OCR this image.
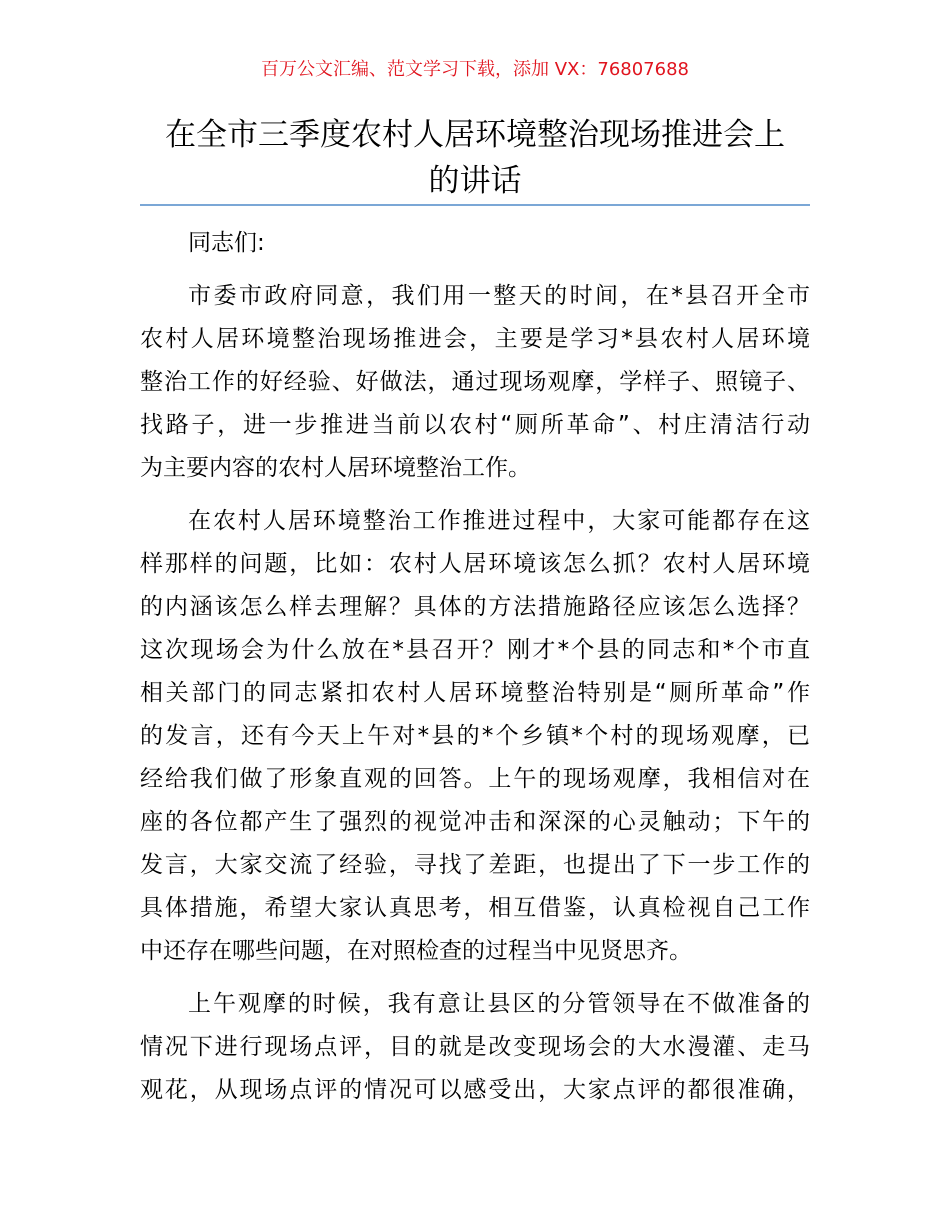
百万公文汇编、范文学习下载，添加 VX：76807688
在全市三季度农村人居环境整治现场推进会上
的讲话
同志们:
市委市政府同意，我们用一整天的时间，在*县召开全市
农村人居环境整治现场推进会，主要是学习*县农村人居环境
整治工作的好经验、好做法，通过现场观摩，学样子、照镜子、
找路子，进一步推进当前以农村“厕所革命”、村庄清洁行动
为主要内容的农村人居环境整治工作。
在农村人居环境整治工作推进过程中，大家可能都存在这
样那样的问题，比如：农村人居环境该怎么抓？农村人居环境
的内涵该怎么样去理解？具体的方法措施路径应该怎么选择？
这次现场会为什么放在*县召开？刚才*个县的同志和*个市直
相关部门的同志紧扣农村人居环境整治特别是“厕所革命”作
的发言，还有今天上午对*县的*个乡镇*个村的现场观摩，已
经给我们做了形象直观的回答。上午的现场观摩，我相信对在
座的各位都产生了强烈的视觉冲击和深深的心灵触动；下午的
发言，大家交流了经验，寻找了差距，也提出了下一步工作的
具体措施，希望大家认真思考，相互借鉴，认真检视自己工作
中还存在哪些问题，在对照检查的过程当中见贤思齐。
上午观摩的时候，我有意让县区的分管领导在不做准备的
情况下进行现场点评，目的就是改变现场会的大水漫灌、走马
观花，从现场点评的情况可以感受出，大家点评的都很准确，
